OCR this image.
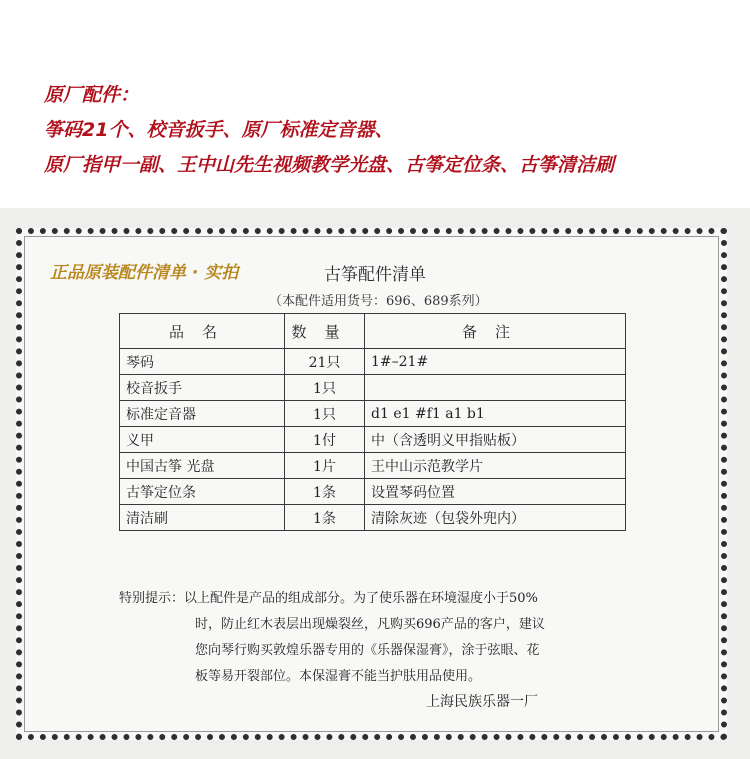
原厂配件：
筝码21个、校音扳手、原厂标准定音器、
原厂指甲一副、王中山先生视频教学光盘、古筝定位条、古筝清洁刷
正品原装配件清单 · 实拍	古筝配件清单
（本配件适用货号：696、689系列）
品名	数量	备注
琴码	21只	1#–21#
校音扳手	1只	
标准定音器	1只	d1 e1 #f1 a1 b1
义甲	1付	中（含透明义甲指贴板）
中国古筝 光盘	1片	王中山示范教学片
古筝定位条	1条	设置琴码位置
清洁刷	1条	清除灰迹（包袋外兜内）
特别提示：以上配件是产品的组成部分。为了使乐器在环境湿度小于50%
时，防止红木表层出现燥裂丝，凡购买696产品的客户，建议
您向琴行购买敦煌乐器专用的《乐器保湿膏》，涂于弦眼、花
板等易开裂部位。本保湿膏不能当护肤用品使用。
上海民族乐器一厂
